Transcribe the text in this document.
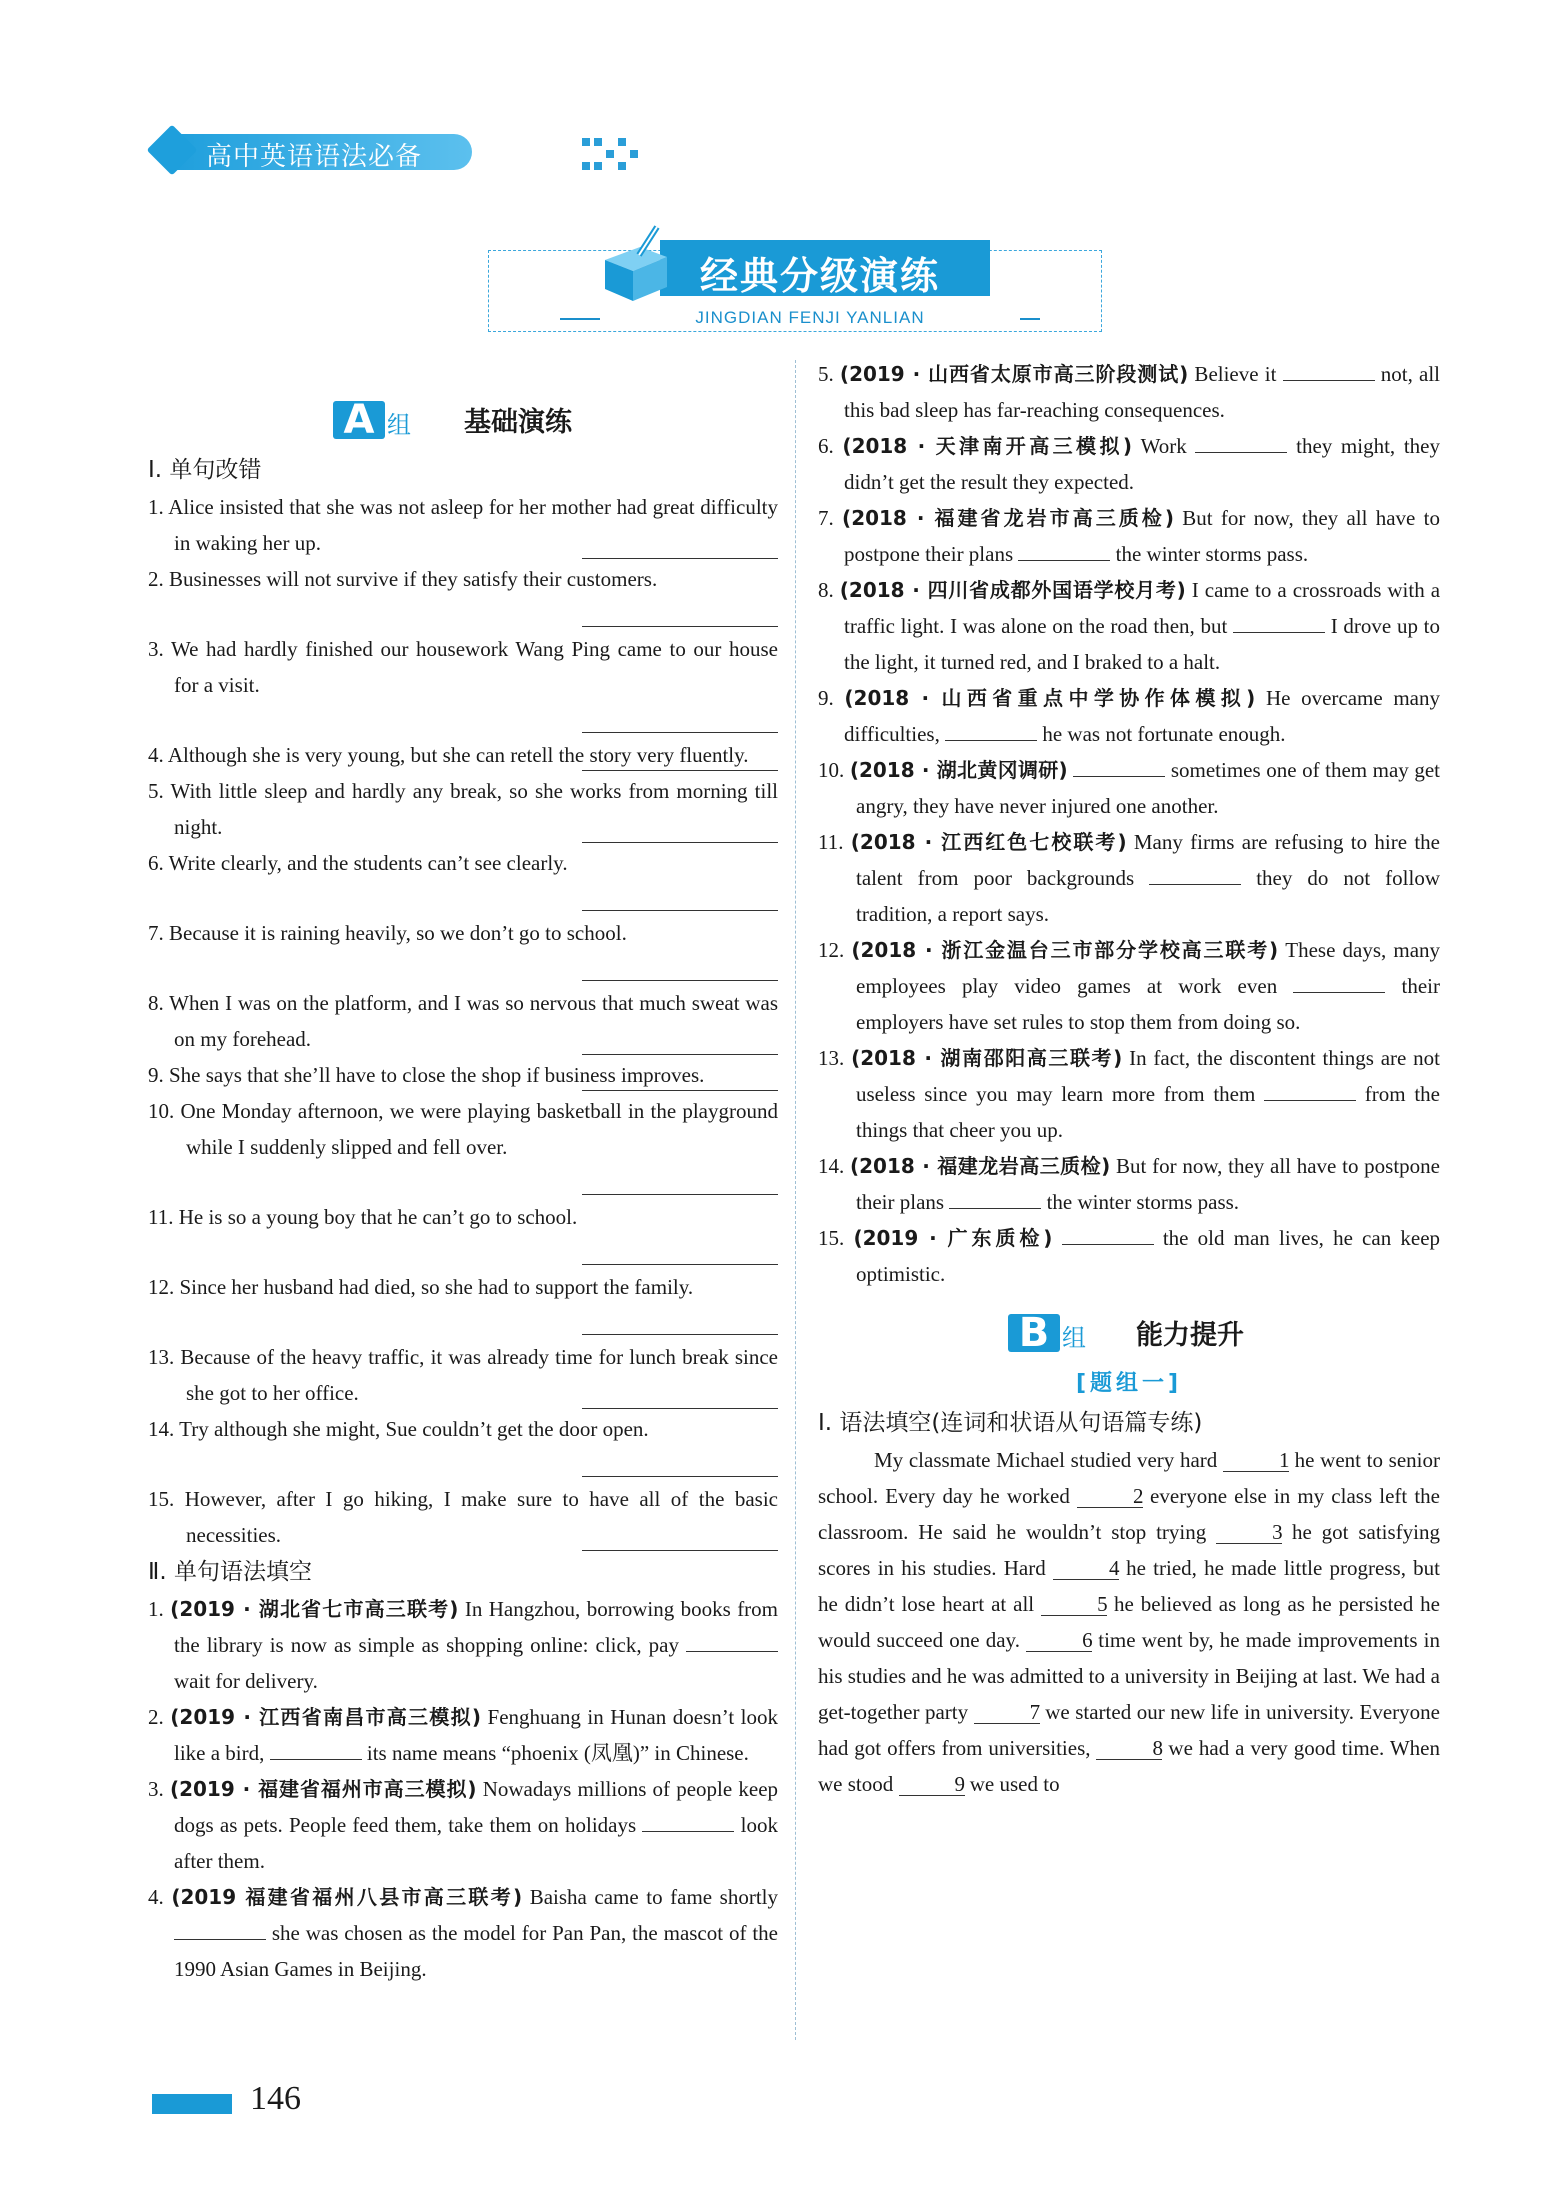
高中英语语法必备
经典分级演练
JINGDIAN FENJI YANLIAN
A 组 基础演练
Ⅰ. 单句改错

1. Alice insisted that she was not asleep for her mother had great difficulty in waking her up.

2. Businesses will not survive if they satisfy their customers.

3. We had hardly finished our housework Wang Ping came to our house for a visit.

4. Although she is very young, but she can retell the story very fluently.

5. With little sleep and hardly any break, so she works from morning till night.

6. Write clearly, and the students can’t see clearly.

7. Because it is raining heavily, so we don’t go to school.

8. When I was on the platform, and I was so nervous that much sweat was on my forehead.

9. She says that she’ll have to close the shop if business improves.

10. One Monday afternoon, we were playing basketball in the playground while I suddenly slipped and fell over.

11. He is so a young boy that he can’t go to school.

12. Since her husband had died, so she had to support the family.

13. Because of the heavy traffic, it was already time for lunch break since she got to her office.

14. Try although she might, Sue couldn’t get the door open.

15. However, after I go hiking, I make sure to have all of the basic necessities.

Ⅱ. 单句语法填空

1. (2019 · 湖北省七市高三联考) In Hangzhou, borrowing books from the library is now as simple as shopping online: click, pay  wait for delivery.

2. (2019 · 江西省南昌市高三模拟) Fenghuang in Hunan doesn’t look like a bird,	its name means “phoenix (凤凰)” in Chinese.

3. (2019 · 福建省福州市高三模拟) Nowadays millions of people keep dogs as pets. People feed them, take them on holidays	look after them.

4. (2019 福建省福州八县市高三联考) Baisha came to fame shortly  she was chosen as the model for Pan Pan, the mascot of the 1990 Asian Games in Beijing.

5. (2019 · 山西省太原市高三阶段测试) Believe it	not, all this bad sleep has far-reaching consequences.

6. (2018 · 天津南开高三模拟) Work	they might, they didn’t get the result they expected.

7. (2018 · 福建省龙岩市高三质检) But for now, they all have to postpone their plans	the winter storms pass.

8. (2018 · 四川省成都外国语学校月考) I came to a crossroads with a traffic light. I was alone on the road then, but	I drove up to the light, it turned red, and I braked to a halt.

9. (2018 · 山西省重点中学协作体模拟) He overcame many difficulties,	he was not fortunate enough.

10. (2018 · 湖北黄冈调研)	sometimes one of them may get angry, they have never injured one another.

11. (2018 · 江西红色七校联考) Many firms are refusing to hire the talent from poor backgrounds	they do not follow tradition, a report says.

12. (2018 · 浙江金温台三市部分学校高三联考) These days, many employees play video games at work even	their employers have set rules to stop them from doing so.

13. (2018 · 湖南邵阳高三联考) In fact, the discontent things are not useless since you may learn more from them	from the things that cheer you up.

14. (2018 · 福建龙岩高三质检) But for now, they all have to postpone their plans	the winter storms pass.

15. (2019 · 广东质检)	the old man lives, he can keep optimistic.

B 组 能力提升
[题组一]
Ⅰ. 语法填空(连词和状语从句语篇专练)

My classmate Michael studied very hard	1 he went to senior school. Every day he worked	2 everyone else in my class left the classroom. He said he wouldn’t stop trying	3 he got satisfying scores in his studies. Hard	4 he tried, he made little progress, but he didn’t lose heart at all	5 he believed as long as he persisted he would succeed one day.	6 time went by, he made improvements in his studies and he was admitted to a university in Beijing at last. We had a get-together party	7 we started our new life in university. Everyone had got offers from universities,	8 we had a very good time. When we stood	9 we used to

146
